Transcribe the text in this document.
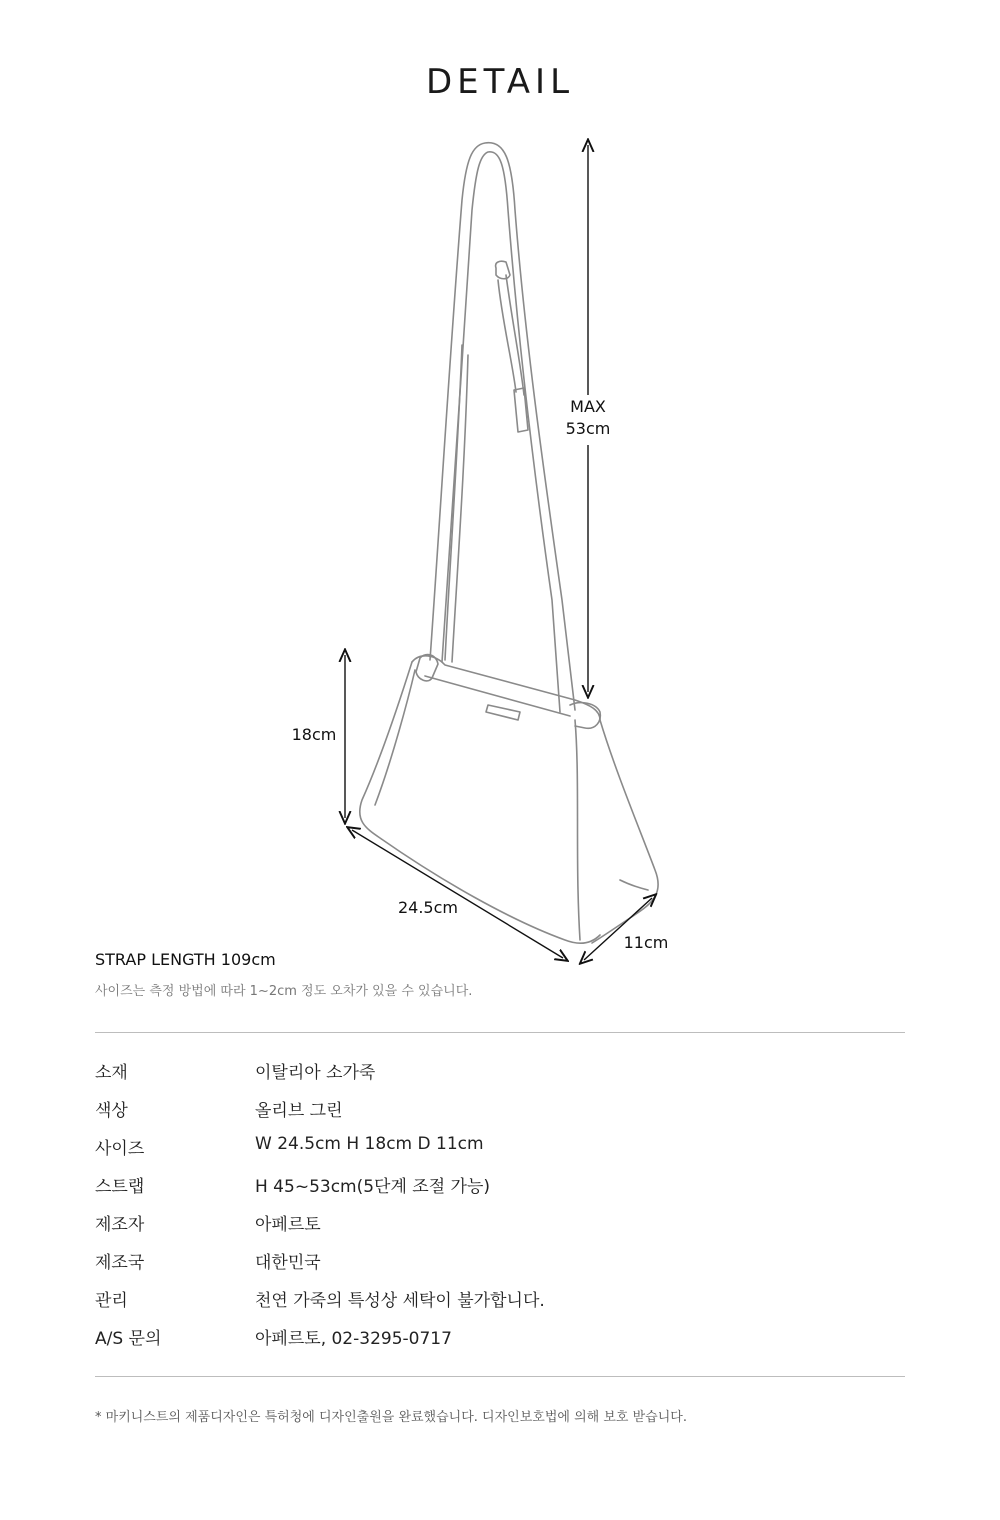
DETAIL
MAX
53cm
18cm
24.5cm
11cm
STRAP LENGTH 109cm
사이즈는 측정 방법에 따라 1~2cm 정도 오차가 있을 수 있습니다.
소재	이탈리아 소가죽
색상	올리브 그린
사이즈	W 24.5cm H 18cm D 11cm
스트랩	H 45~53cm(5단계 조절 가능)
제조자	아페르토
제조국	대한민국
관리	천연 가죽의 특성상 세탁이 불가합니다.
A/S 문의	아페르토, 02-3295-0717
* 마키니스트의 제품디자인은 특허청에 디자인출원을 완료했습니다. 디자인보호법에 의해 보호 받습니다.
